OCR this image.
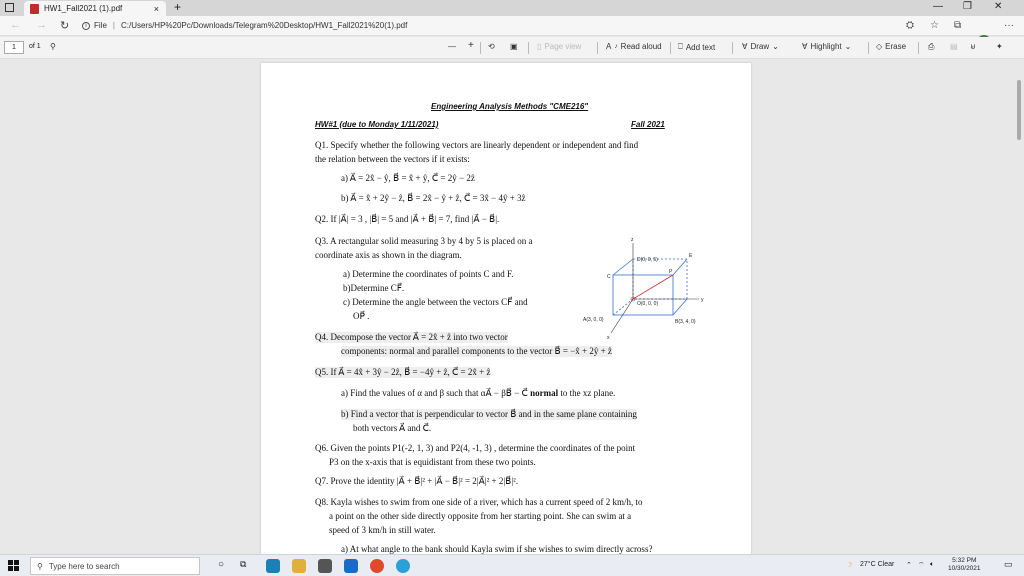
HW1_Fall2021 (1).pdf	× +	— ❐ ✕
← → ↻	i File | C:/Users/HP%20Pc/Downloads/Telegram%20Desktop/HW1_Fall2021%20(1).pdf	⛭ ☆ ⧉	···
1	of 1 ⚲	— + ⟲ ▣ ▯ Page view	A ♪ Read aloud ⎕ Add text	∀ Draw ⌄	∀ Highlight ⌄	◇ Erase	⎙ ▤ ⊌	✦
Engineering Analysis Methods "CME216"
HW#1 (due to Monday 1/11/2021)	Fall 2021
Q1. Specify whether the following vectors are linearly dependent or independent and find
the relation between the vectors if it exists:
a) A⃗ = 2x̂ − ŷ, B⃗ = x̂ + ŷ, C⃗ = 2ŷ − 2ẑ
b) A⃗ = x̂ + 2ŷ − ẑ, B⃗ = 2x̂ − ŷ + ẑ, C⃗ = 3x̂ − 4ŷ + 3ẑ
Q2. If |A⃗| = 3 , |B⃗| = 5 and |A⃗ + B⃗| = 7, find |A⃗ − B⃗|.
Q3. A rectangular solid measuring 3 by 4 by 5 is placed on a
coordinate axis as shown in the diagram.
a) Determine the coordinates of points C and F.
b)Determine CF⃗.
c) Determine the angle between the vectors CF⃗ and
OP⃗ .
z
D(0, 0, 5)
E
C
P
O(0, 0, 0)
y
A(3, 0, 0)	B(3, 4, 0)
x
Q4. Decompose the vector A⃗ = 2x̂ + ẑ into two vector
components: normal and parallel components to the vector B⃗ = −x̂ + 2ŷ + ẑ
Q5. If A⃗ = 4x̂ + 3ŷ − 2ẑ, B⃗ = −4ŷ + ẑ, C⃗ = 2x̂ + ẑ
a) Find the values of α and β such that αA⃗ − βB⃗ − C⃗ normal to the xz plane.
b) Find a vector that is perpendicular to vector B⃗ and in the same plane containing
both vectors A⃗ and C⃗.
Q6. Given the points P1(-2, 1, 3) and P2(4, -1, 3) , determine the coordinates of the point
P3 on the x-axis that is equidistant from these two points.
Q7. Prove the identity |A⃗ + B⃗|² + |A⃗ − B⃗|² = 2|A⃗|² + 2|B⃗|².
Q8. Kayla wishes to swim from one side of a river, which has a current speed of 2 km/h, to
a point on the other side directly opposite from her starting point. She can swim at a
speed of 3 km/h in still water.
a) At what angle to the bank should Kayla swim if she wishes to swim directly across?
⚲ Type here to search	○ ⧉	☽ 27°C Clear ⌃ ⌔ 🔈︎
5:32 PM
10/30/2021	▭
